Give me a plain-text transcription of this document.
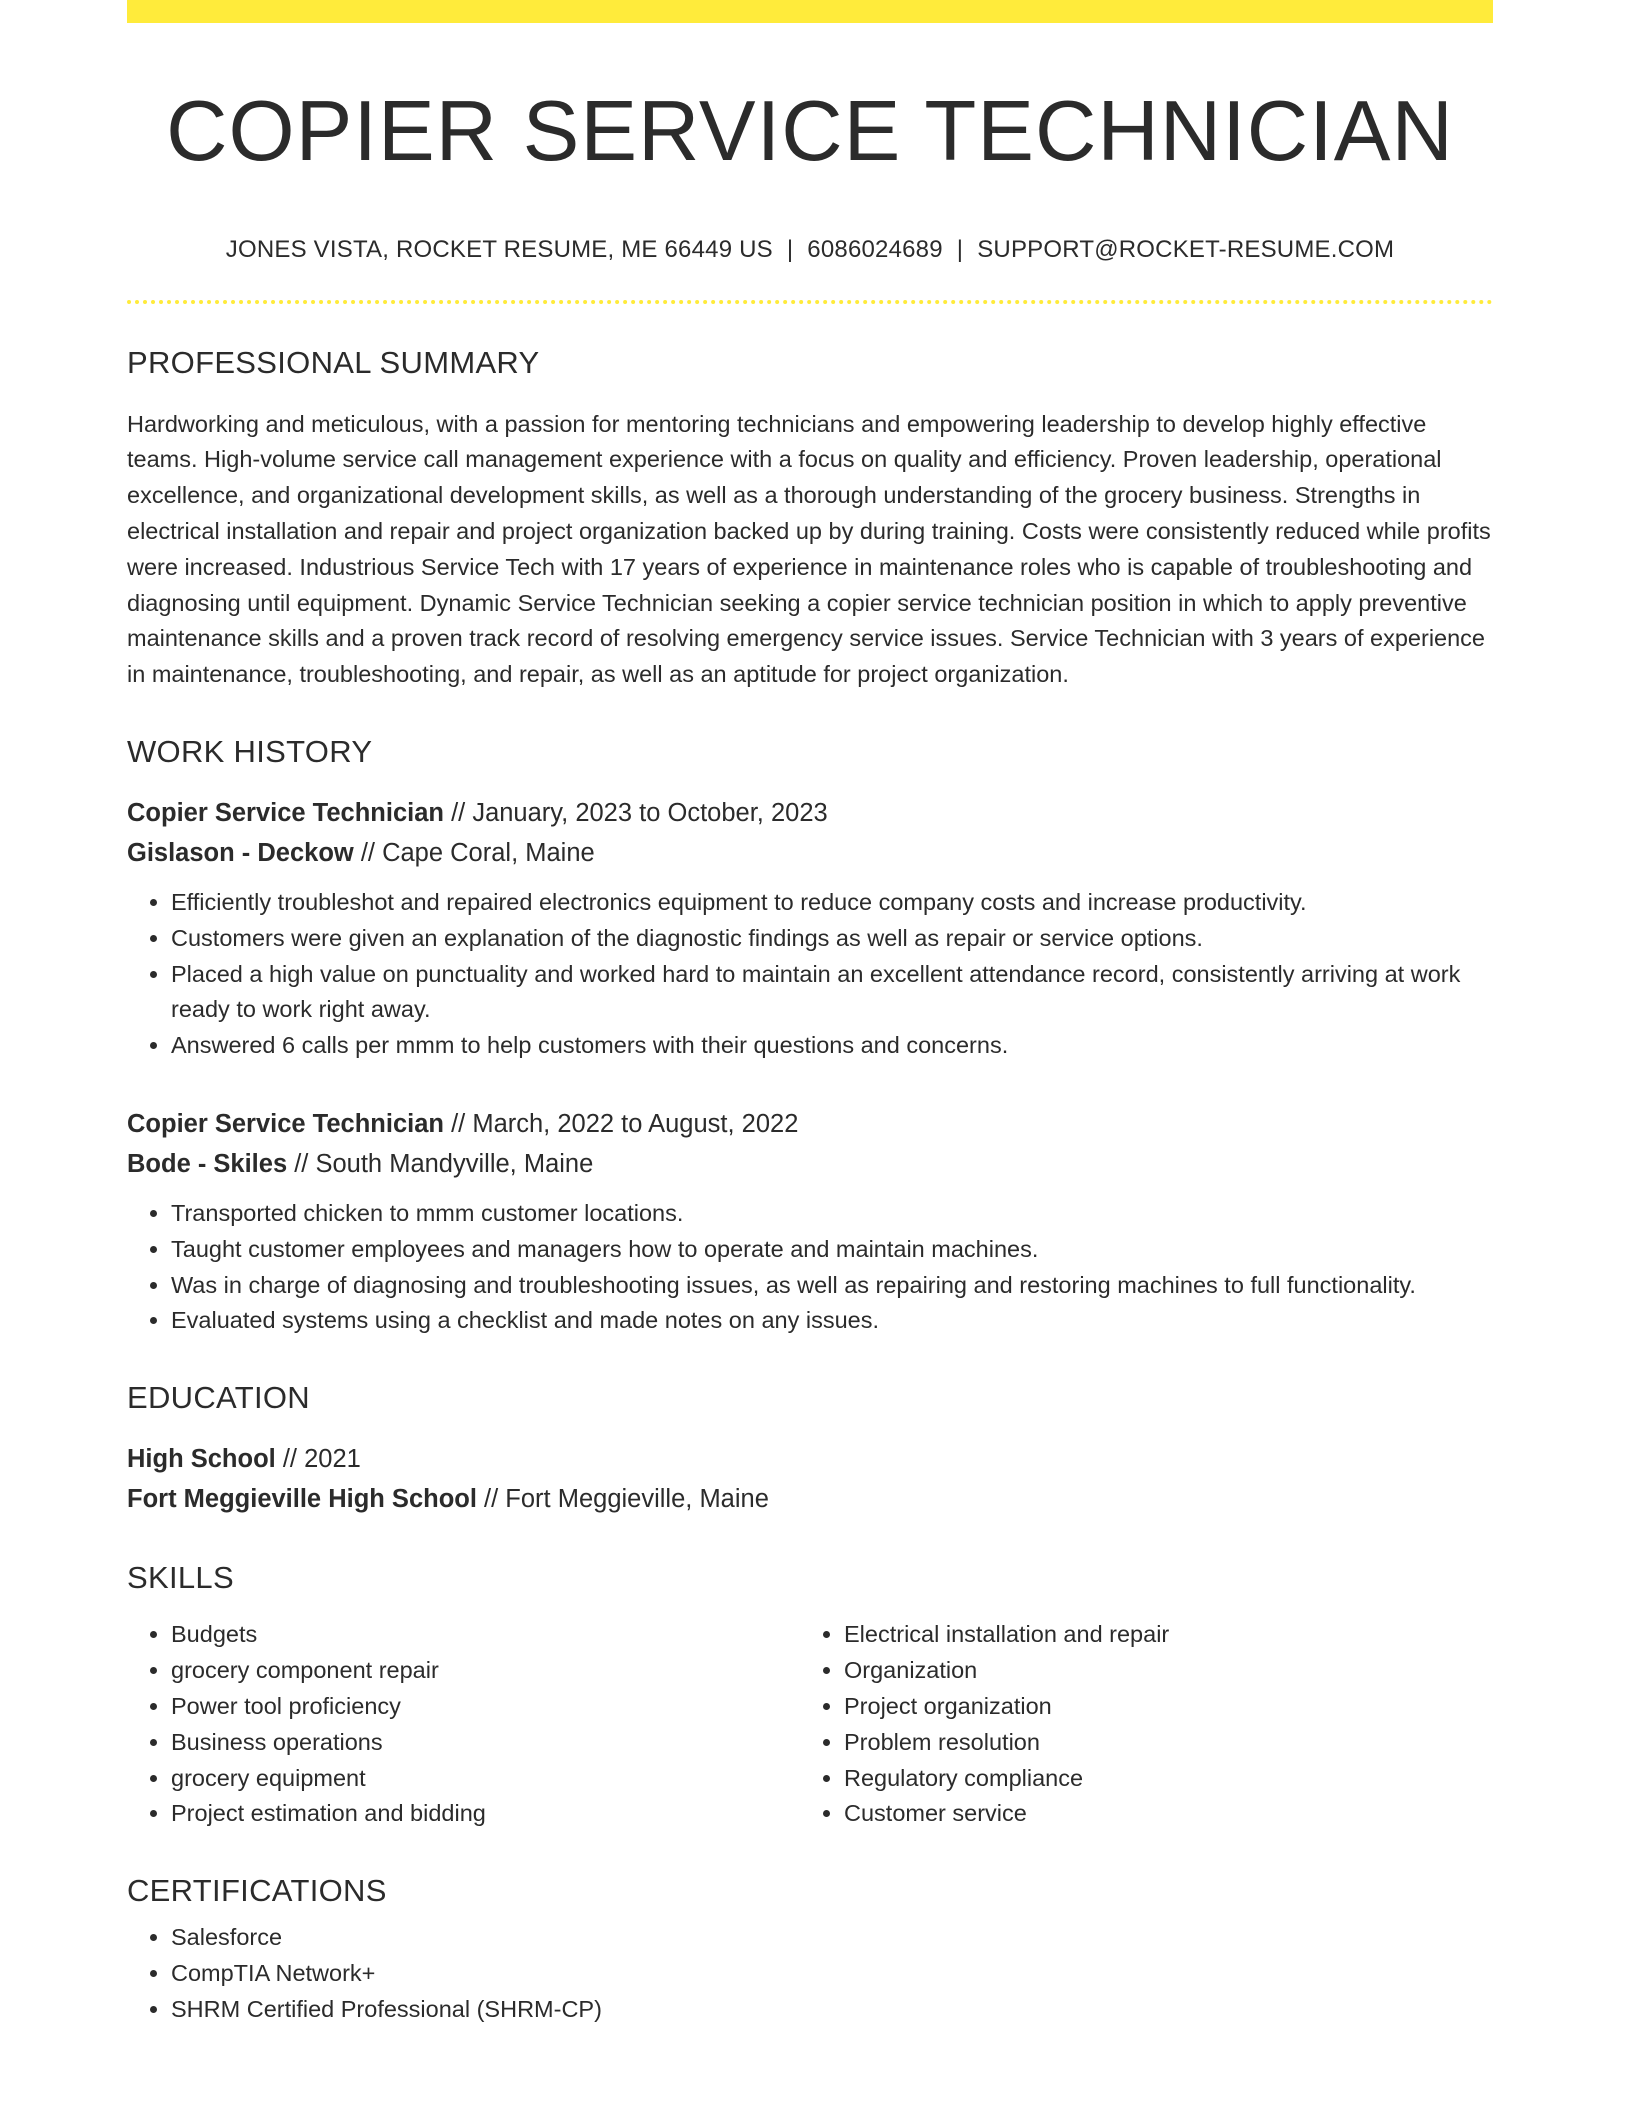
COPIER SERVICE TECHNICIAN
JONES VISTA, ROCKET RESUME, ME 66449 US | 6086024689 | SUPPORT@ROCKET-RESUME.COM
PROFESSIONAL SUMMARY
Hardworking and meticulous, with a passion for mentoring technicians and empowering leadership to develop highly effective teams. High-volume service call management experience with a focus on quality and efficiency. Proven leadership, operational excellence, and organizational development skills, as well as a thorough understanding of the grocery business. Strengths in electrical installation and repair and project organization backed up by during training. Costs were consistently reduced while profits were increased. Industrious Service Tech with 17 years of experience in maintenance roles who is capable of troubleshooting and diagnosing until equipment. Dynamic Service Technician seeking a copier service technician position in which to apply preventive maintenance skills and a proven track record of resolving emergency service issues. Service Technician with 3 years of experience in maintenance, troubleshooting, and repair, as well as an aptitude for project organization.
WORK HISTORY
Copier Service Technician // January, 2023 to October, 2023
Gislason - Deckow // Cape Coral, Maine
• Efficiently troubleshot and repaired electronics equipment to reduce company costs and increase productivity.
• Customers were given an explanation of the diagnostic findings as well as repair or service options.
• Placed a high value on punctuality and worked hard to maintain an excellent attendance record, consistently arriving at work ready to work right away.
• Answered 6 calls per mmm to help customers with their questions and concerns.
Copier Service Technician // March, 2022 to August, 2022
Bode - Skiles // South Mandyville, Maine
• Transported chicken to mmm customer locations.
• Taught customer employees and managers how to operate and maintain machines.
• Was in charge of diagnosing and troubleshooting issues, as well as repairing and restoring machines to full functionality.
• Evaluated systems using a checklist and made notes on any issues.
EDUCATION
High School // 2021
Fort Meggieville High School // Fort Meggieville, Maine
SKILLS
• Budgets
• grocery component repair
• Power tool proficiency
• Business operations
• grocery equipment
• Project estimation and bidding
• Electrical installation and repair
• Organization
• Project organization
• Problem resolution
• Regulatory compliance
• Customer service
CERTIFICATIONS
• Salesforce
• CompTIA Network+
• SHRM Certified Professional (SHRM-CP)
